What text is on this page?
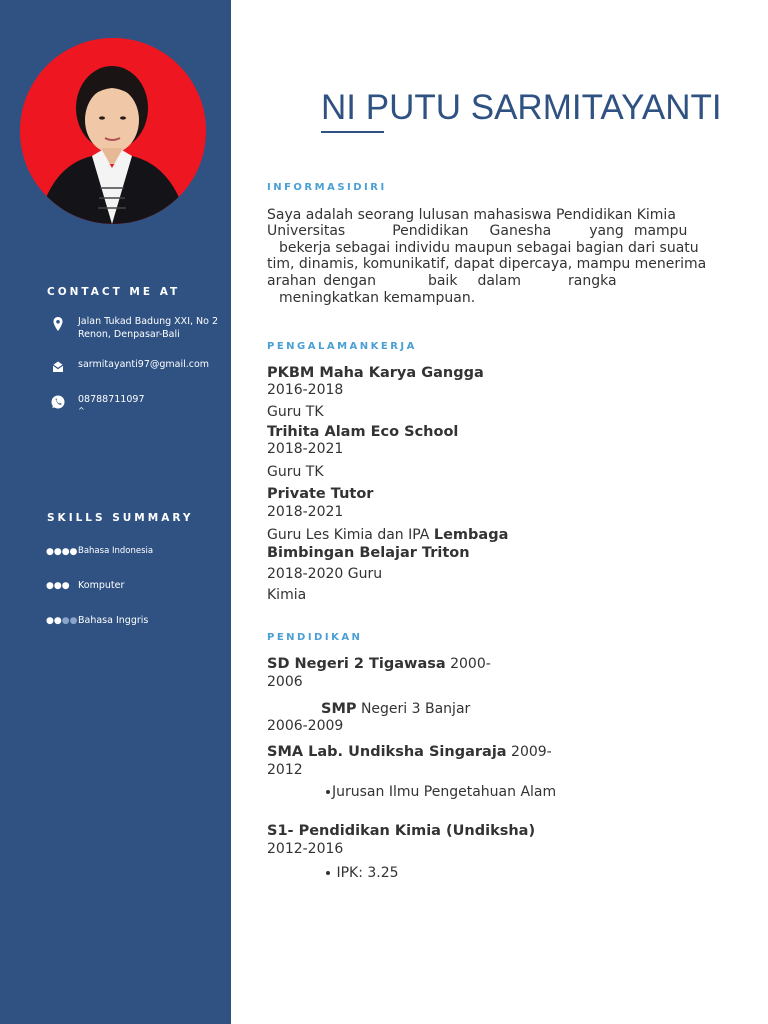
CONTACT ME AT
Jalan Tukad Badung XXI, No 2
Renon, Denpasar-Bali
sarmitayanti97@gmail.com
08788711097
^
SKILLS SUMMARY
●●●● Bahasa Indonesia
●●● Komputer
●●●● Bahasa Inggris
NI PUTU SARMITAYANTI
INFORMASIDIRI
Saya adalah seorang lulusan mahasiswa Pendidikan Kimia
Universitas	Pendidikan Ganesha	yang mampu
bekerja sebagai individu maupun sebagai bagian dari suatu
tim, dinamis, komunikatif, dapat dipercaya, mampu menerima
arahan dengan	baik dalam	rangka
meningkatkan kemampuan.
PENGALAMANKERJA
PKBM Maha Karya Gangga
2016-2018
Guru TK
Trihita Alam Eco School
2018-2021
Guru TK
Private Tutor
2018-2021
Guru Les Kimia dan IPA Lembaga
Bimbingan Belajar Triton
2018-2020 Guru
Kimia
PENDIDIKAN
SD Negeri 2 Tigawasa 2000-
2006
SMP Negeri 3 Banjar
2006-2009
SMA Lab. Undiksha Singaraja 2009-
2012
Jurusan Ilmu Pengetahuan Alam
S1- Pendidikan Kimia (Undiksha)
2012-2016
IPK: 3.25
